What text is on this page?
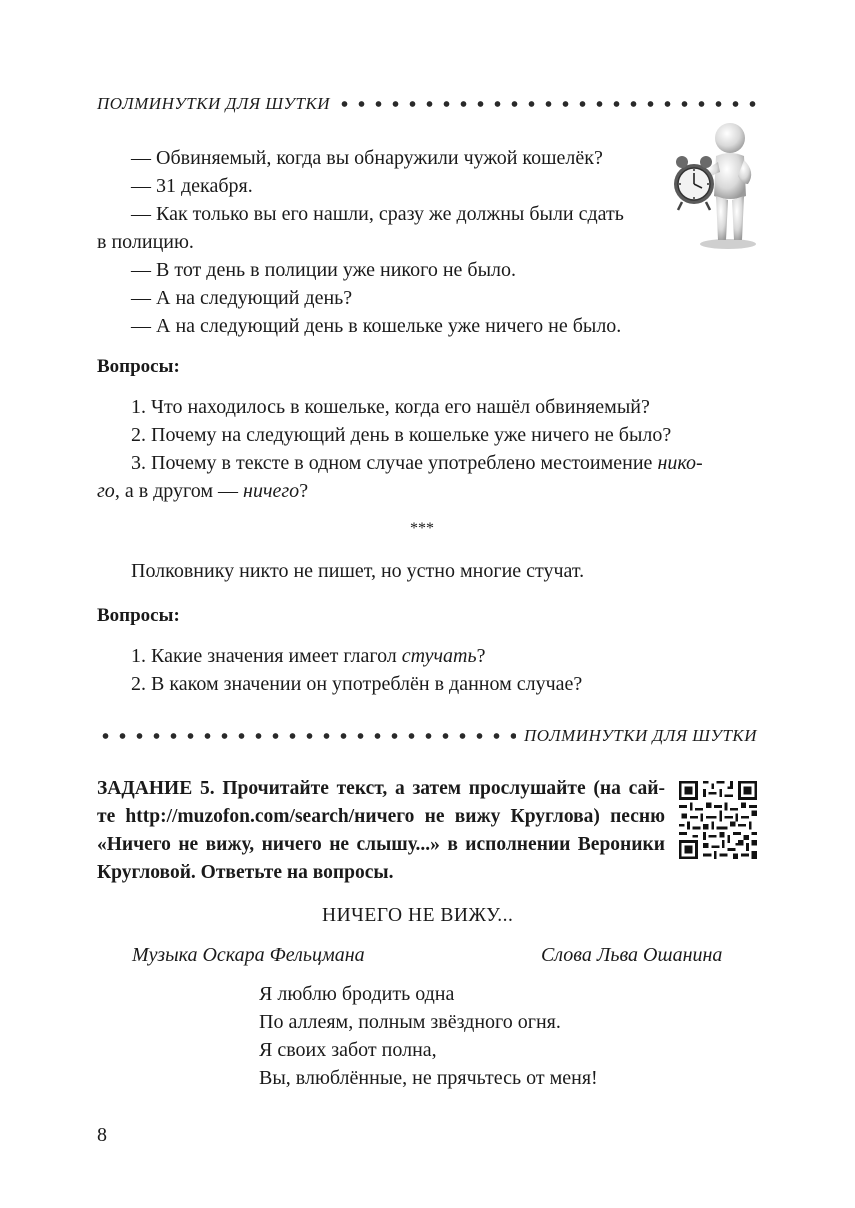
ПОЛМИНУТКИ ДЛЯ ШУТКИ
— Обвиняемый, когда вы обнаружили чужой кошелёк?
— 31 декабря.
— Как только вы его нашли, сразу же должны были сдать
в полицию.
— В тот день в полиции уже никого не было.
— А на следующий день?
— А на следующий день в кошельке уже ничего не было.
Вопросы:
1. Что находилось в кошельке, когда его нашёл обвиняемый?
2. Почему на следующий день в кошельке уже ничего не было?
3. Почему в тексте в одном случае употреблено местоимение нико-
го, а в другом — ничего?
***
Полковнику никто не пишет, но устно многие стучат.
Вопросы:
1. Какие значения имеет глагол стучать?
2. В каком значении он употреблён в данном случае?
ПОЛМИНУТКИ ДЛЯ ШУТКИ
ЗАДАНИЕ 5. Прочитайте текст, а затем прослушайте (на сай-
те http://muzofon.com/search/ничего не вижу Круглова) песню
«Ничего не вижу, ничего не слышу...» в исполнении Вероники
Кругловой. Ответьте на вопросы.
НИЧЕГО НЕ ВИЖУ...
Музыка Оскара Фельцмана	Слова Льва Ошанина
Я люблю бродить одна
По аллеям, полным звёздного огня.
Я своих забот полна,
Вы, влюблённые, не прячьтесь от меня!
8
